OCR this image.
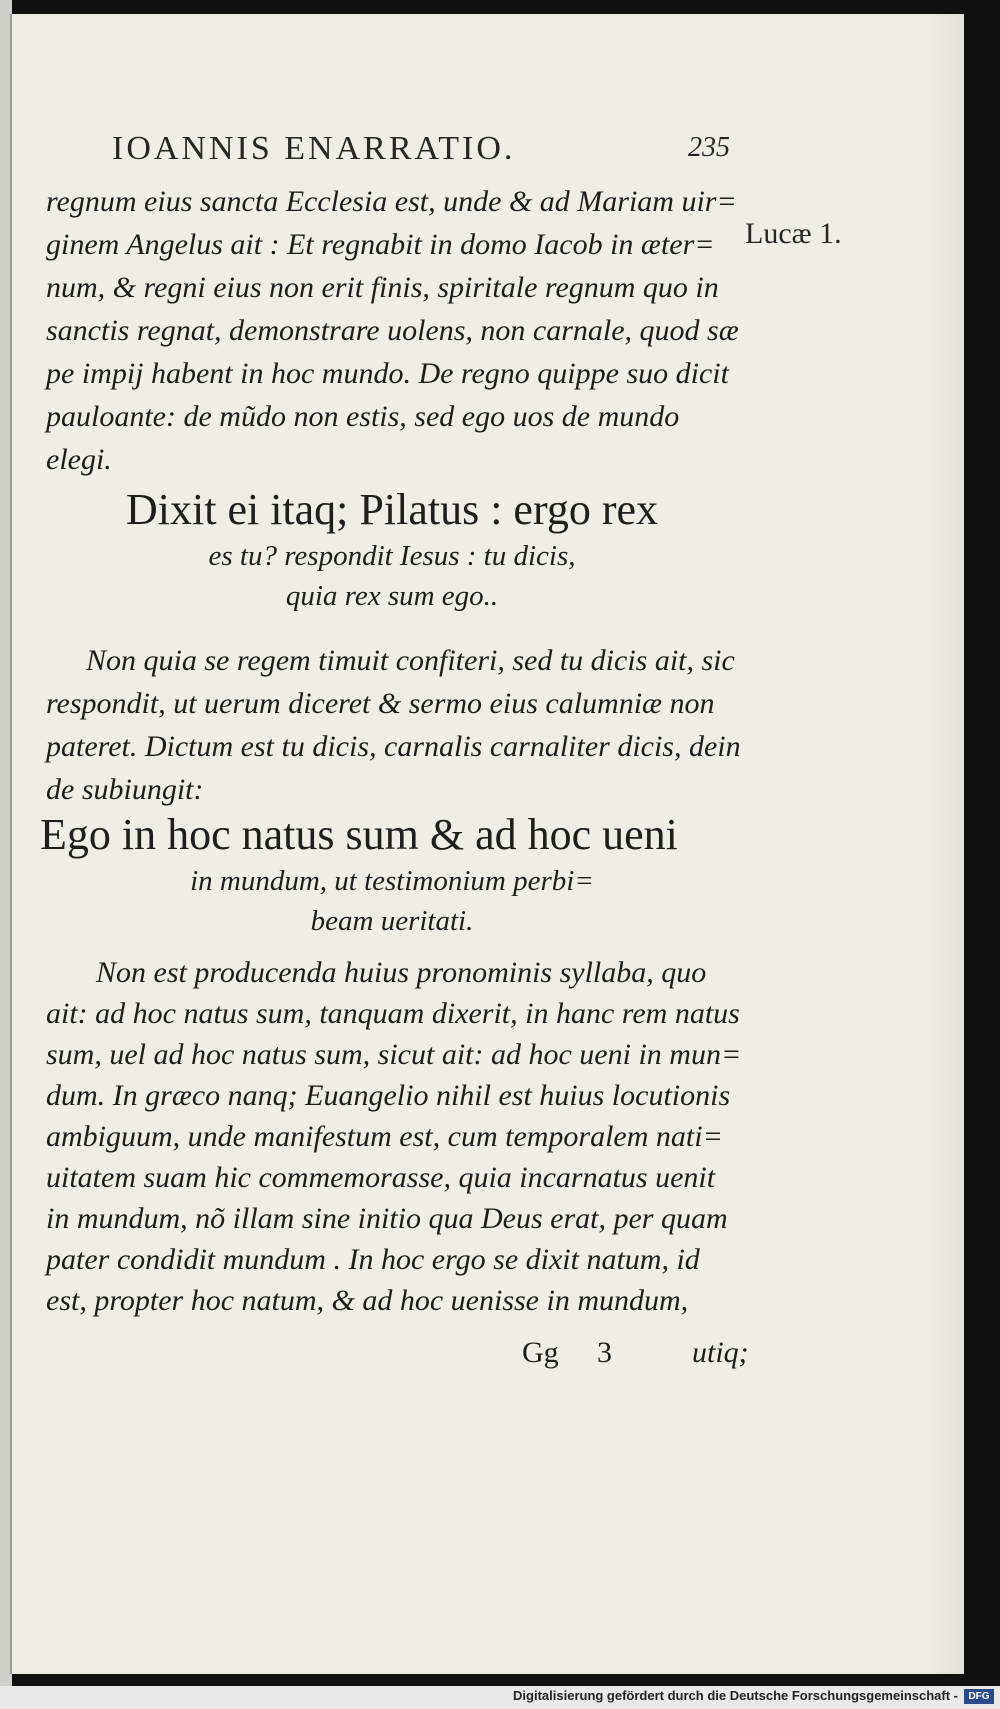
IOANNIS ENARRATIO.	235
Lucæ 1.
regnum eius sancta Ecclesia est, unde & ad Mariam uir=
ginem Angelus ait : Et regnabit in domo Iacob in æter=
num, & regni eius non erit finis, spiritale regnum quo in
sanctis regnat, demonstrare uolens, non carnale, quod sæ
pe impij habent in hoc mundo. De regno quippe suo dicit
pauloante: de mũdo non estis, sed ego uos de mundo elegi.
Dixit ei itaq; Pilatus : ergo rex
es tu? respondit Iesus : tu dicis,
quia rex sum ego..
Non quia se regem timuit confiteri, sed tu dicis ait, sic
respondit, ut uerum diceret & sermo eius calumniæ non
pateret. Dictum est tu dicis, carnalis carnaliter dicis, dein
de subiungit:
Ego in hoc natus sum & ad hoc ueni
in mundum, ut testimonium perbi=
beam ueritati.
Non est producenda huius pronominis syllaba, quo
ait: ad hoc natus sum, tanquam dixerit, in hanc rem natus
sum, uel ad hoc natus sum, sicut ait: ad hoc ueni in mun=
dum. In græco nanq; Euangelio nihil est huius locutionis
ambiguum, unde manifestum est, cum temporalem nati=
uitatem suam hic commemorasse, quia incarnatus uenit
in mundum, nõ illam sine initio qua Deus erat, per quam
pater condidit mundum . In hoc ergo se dixit natum, id
est, propter hoc natum, & ad hoc uenisse in mundum,
Gg 3	utiq;
Digitalisierung gefördert durch die Deutsche Forschungsgemeinschaft -	DFG
